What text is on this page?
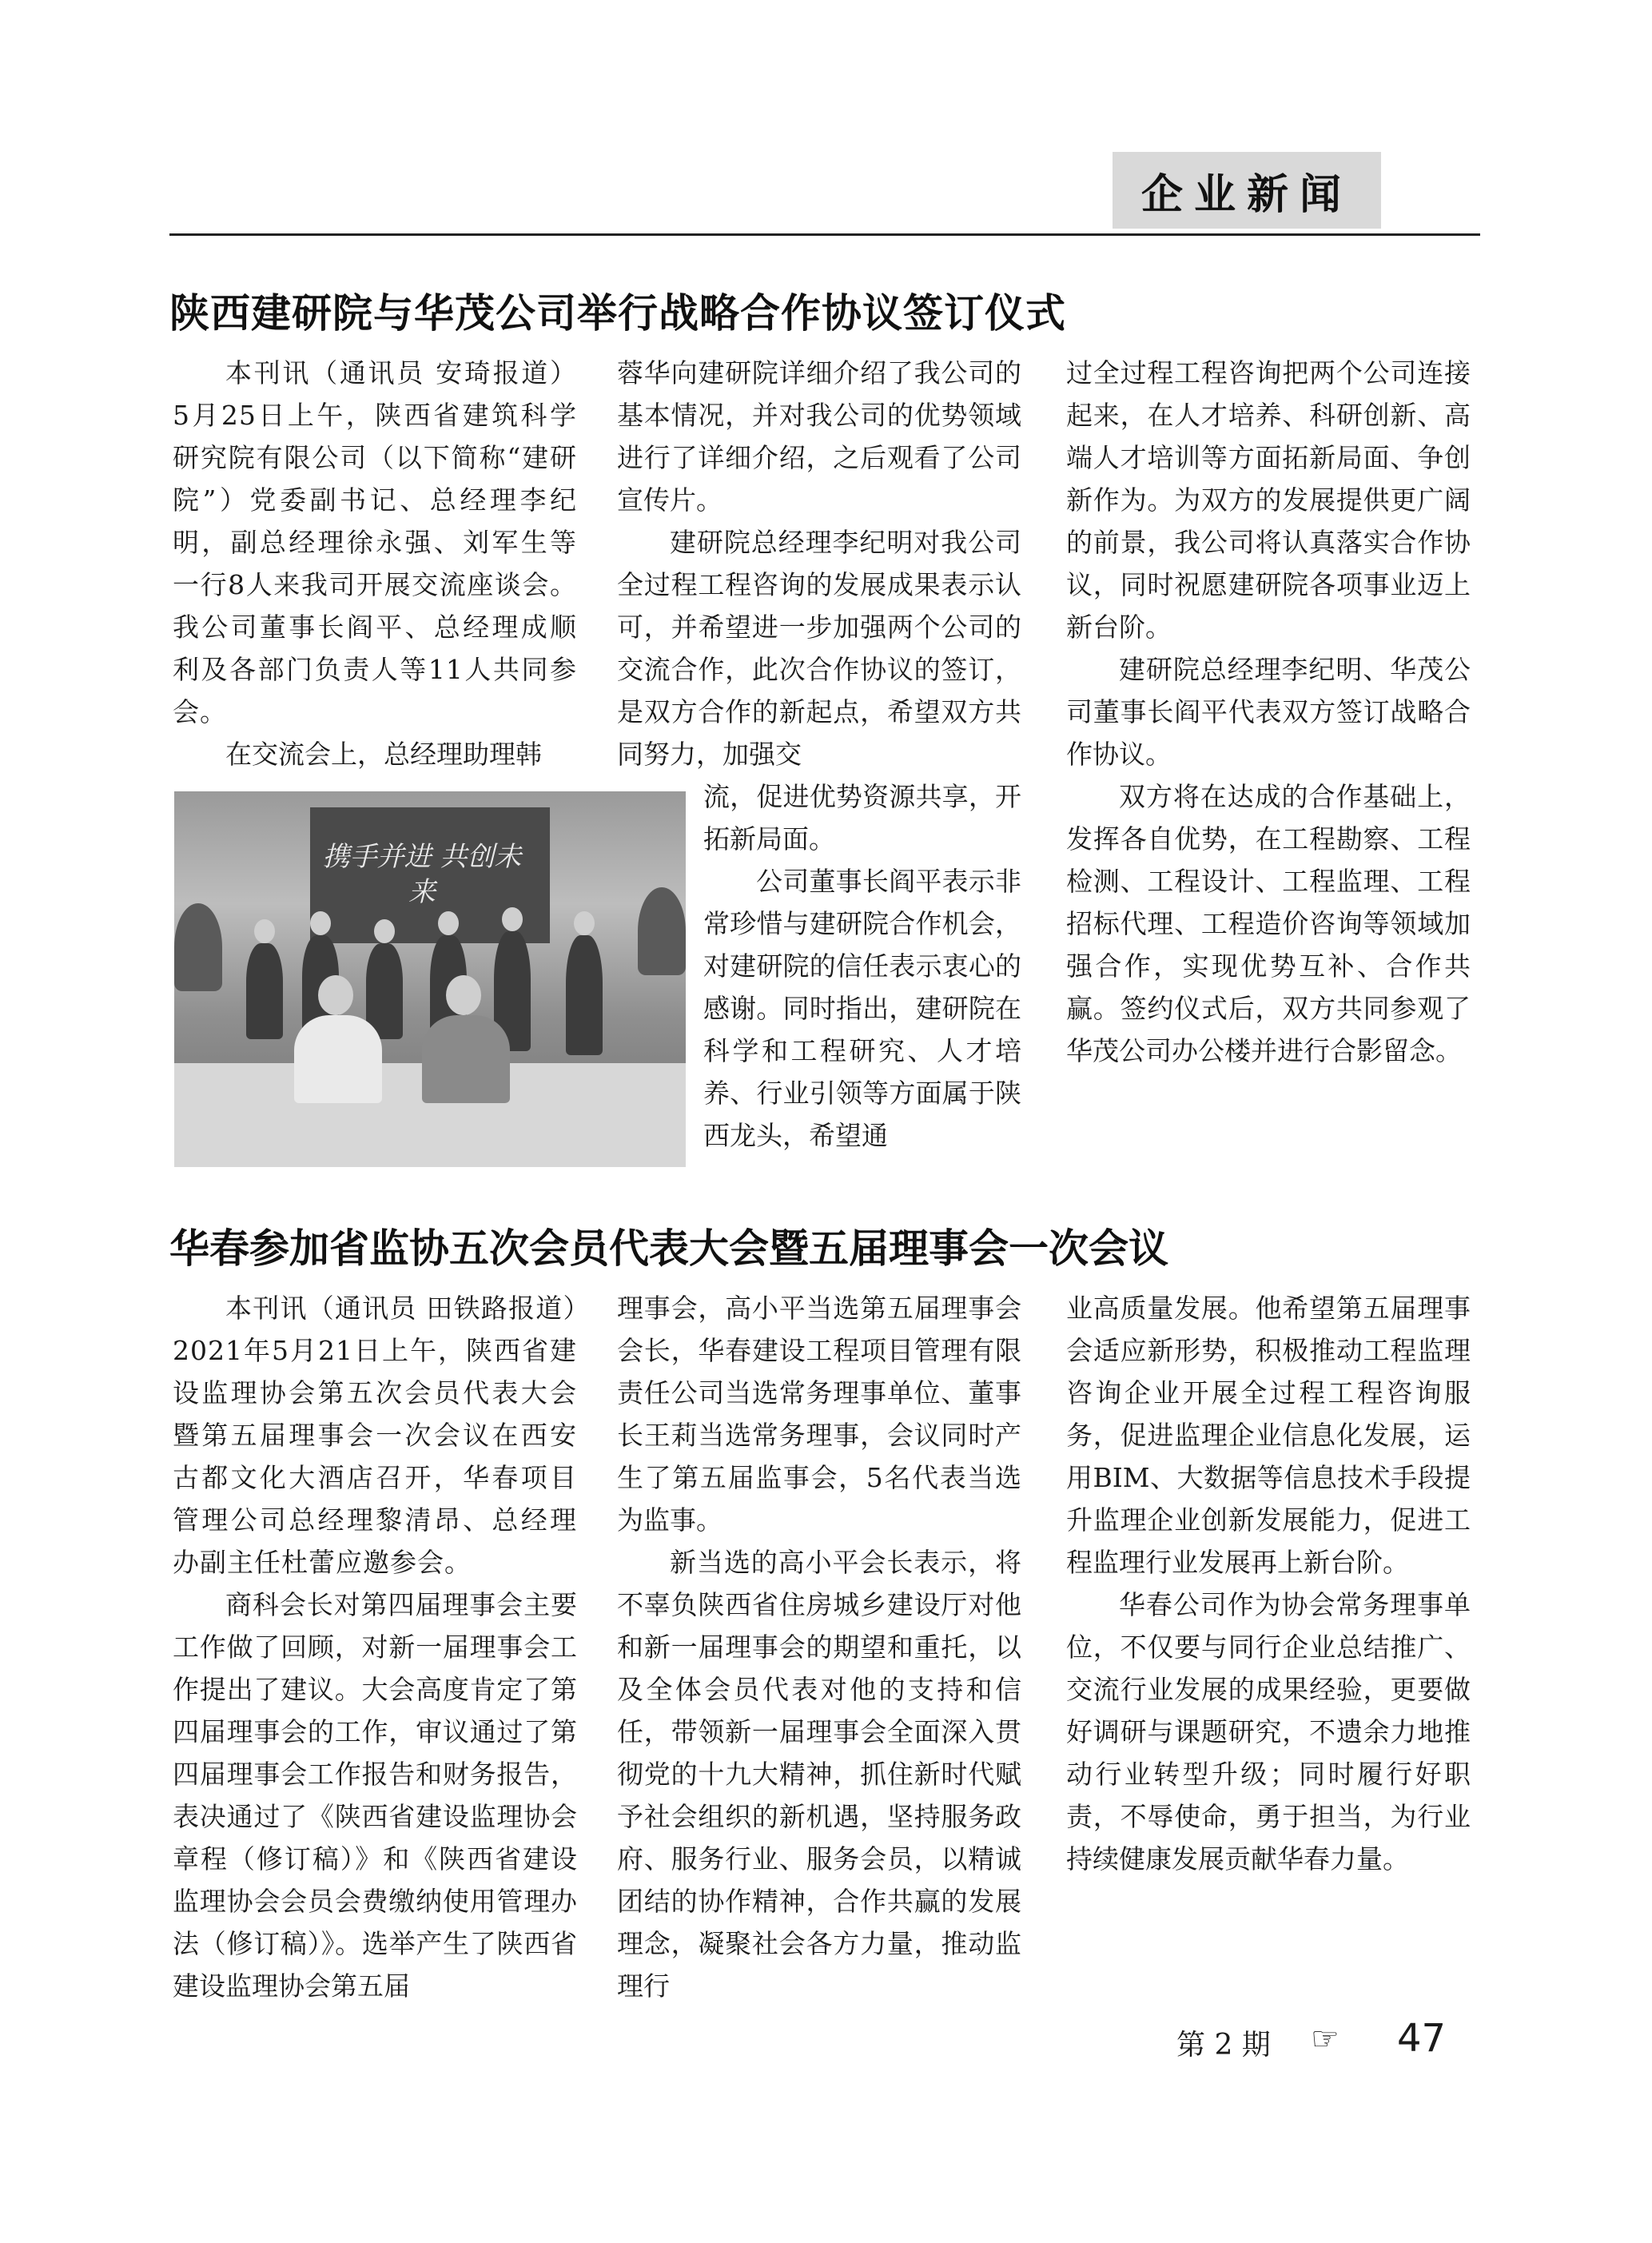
企业新闻
陕西建研院与华茂公司举行战略合作协议签订仪式

本刊讯（通讯员 安琦报道）5月25日上午，陕西省建筑科学研究院有限公司（以下简称“建研院”）党委副书记、总经理李纪明，副总经理徐永强、刘军生等一行8人来我司开展交流座谈会。我公司董事长阎平、总经理成顺利及各部门负责人等11人共同参会。

在交流会上，总经理助理韩

蓉华向建研院详细介绍了我公司的基本情况，并对我公司的优势领域进行了详细介绍，之后观看了公司宣传片。

建研院总经理李纪明对我公司全过程工程咨询的发展成果表示认可，并希望进一步加强两个公司的交流合作，此次合作协议的签订，是双方合作的新起点，希望双方共同努力，加强交

携手并进 共创未来

流，促进优势资源共享，开拓新局面。

公司董事长阎平表示非常珍惜与建研院合作机会，对建研院的信任表示衷心的感谢。同时指出，建研院在科学和工程研究、人才培养、行业引领等方面属于陕西龙头，希望通

过全过程工程咨询把两个公司连接起来，在人才培养、科研创新、高端人才培训等方面拓新局面、争创新作为。为双方的发展提供更广阔的前景，我公司将认真落实合作协议，同时祝愿建研院各项事业迈上新台阶。

建研院总经理李纪明、华茂公司董事长阎平代表双方签订战略合作协议。

双方将在达成的合作基础上，发挥各自优势，在工程勘察、工程检测、工程设计、工程监理、工程招标代理、工程造价咨询等领域加强合作，实现优势互补、合作共赢。签约仪式后，双方共同参观了华茂公司办公楼并进行合影留念。

华春参加省监协五次会员代表大会暨五届理事会一次会议

本刊讯（通讯员 田铁路报道）2021年5月21日上午，陕西省建设监理协会第五次会员代表大会暨第五届理事会一次会议在西安古都文化大酒店召开，华春项目管理公司总经理黎清昂、总经理办副主任杜蕾应邀参会。

商科会长对第四届理事会主要工作做了回顾，对新一届理事会工作提出了建议。大会高度肯定了第四届理事会的工作，审议通过了第四届理事会工作报告和财务报告，表决通过了《陕西省建设监理协会章程（修订稿）》和《陕西省建设监理协会会员会费缴纳使用管理办法（修订稿）》。选举产生了陕西省建设监理协会第五届

理事会，高小平当选第五届理事会会长，华春建设工程项目管理有限责任公司当选常务理事单位、董事长王莉当选常务理事，会议同时产生了第五届监事会，5名代表当选为监事。

新当选的高小平会长表示，将不辜负陕西省住房城乡建设厅对他和新一届理事会的期望和重托，以及全体会员代表对他的支持和信任，带领新一届理事会全面深入贯彻党的十九大精神，抓住新时代赋予社会组织的新机遇，坚持服务政府、服务行业、服务会员，以精诚团结的协作精神，合作共赢的发展理念，凝聚社会各方力量，推动监理行

业高质量发展。他希望第五届理事会适应新形势，积极推动工程监理咨询企业开展全过程工程咨询服务，促进监理企业信息化发展，运用BIM、大数据等信息技术手段提升监理企业创新发展能力，促进工程监理行业发展再上新台阶。

华春公司作为协会常务理事单位，不仅要与同行企业总结推广、交流行业发展的成果经验，更要做好调研与课题研究，不遗余力地推动行业转型升级；同时履行好职责，不辱使命，勇于担当，为行业持续健康发展贡献华春力量。

第 2 期 ☞ 47
